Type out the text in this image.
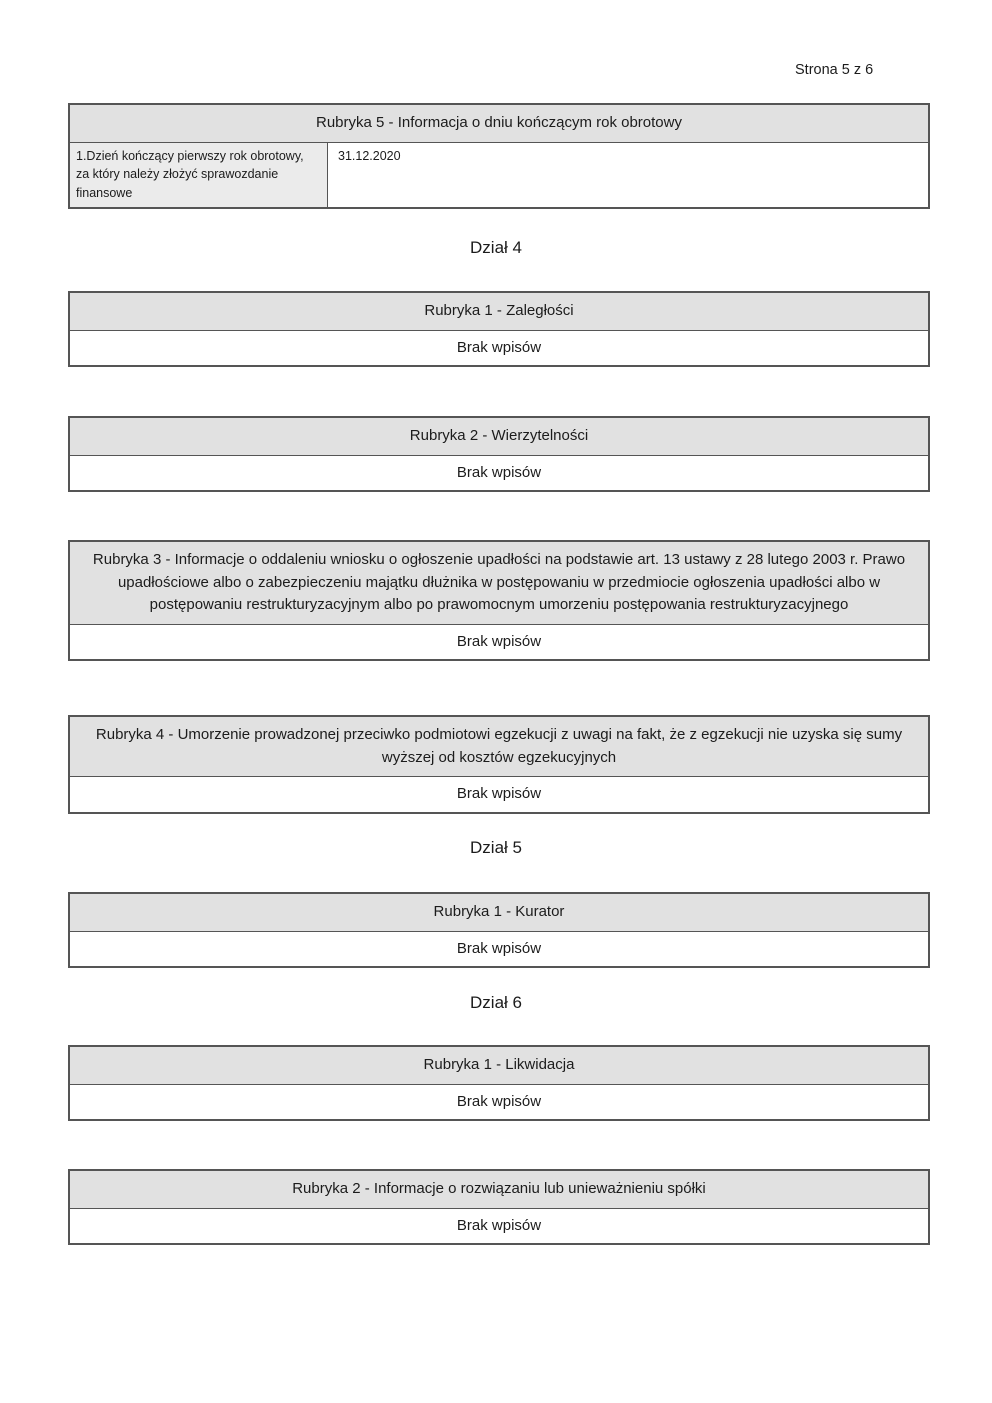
Strona 5 z 6
Rubryka 5 - Informacja o dniu kończącym rok obrotowy
1.Dzień kończący pierwszy rok obrotowy, za który należy złożyć sprawozdanie finansowe
31.12.2020
Dział 4
Rubryka 1 - Zaległości
Brak wpisów
Rubryka 2 - Wierzytelności
Brak wpisów
Rubryka 3 - Informacje o oddaleniu wniosku o ogłoszenie upadłości na podstawie art. 13 ustawy z 28 lutego 2003 r. Prawo upadłościowe albo o zabezpieczeniu majątku dłużnika w postępowaniu w przedmiocie ogłoszenia upadłości albo w postępowaniu restrukturyzacyjnym albo po prawomocnym umorzeniu postępowania restrukturyzacyjnego
Brak wpisów
Rubryka 4 - Umorzenie prowadzonej przeciwko podmiotowi egzekucji z uwagi na fakt, że z egzekucji nie uzyska się sumy wyższej od kosztów egzekucyjnych
Brak wpisów
Dział 5
Rubryka 1 - Kurator
Brak wpisów
Dział 6
Rubryka 1 - Likwidacja
Brak wpisów
Rubryka 2 - Informacje o rozwiązaniu lub unieważnieniu spółki
Brak wpisów
